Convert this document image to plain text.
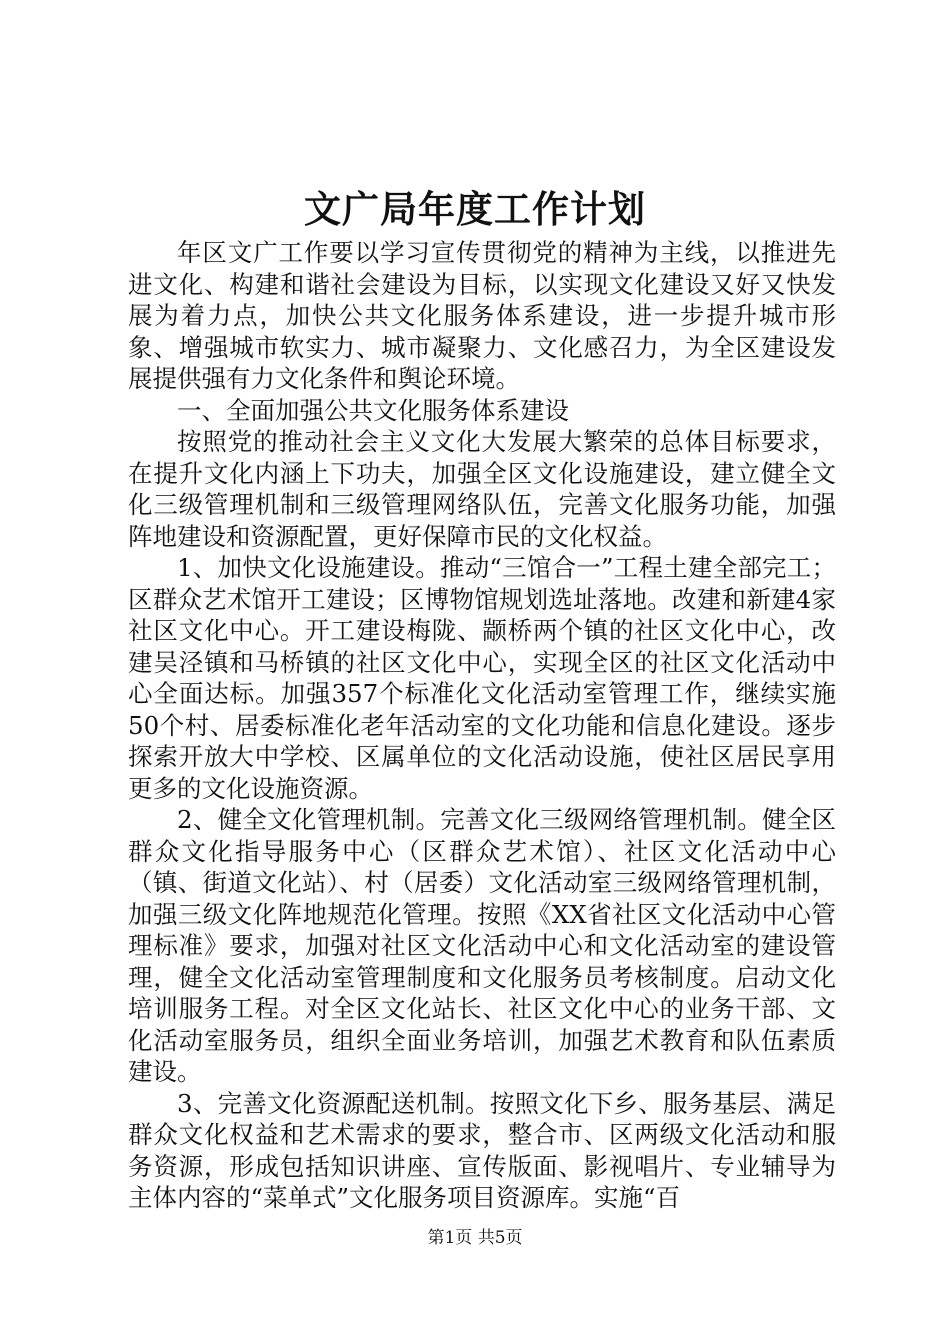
文广局年度工作计划

年区文广工作要以学习宣传贯彻党的精神为主线，以推进先进文化、构建和谐社会建设为目标，以实现文化建设又好又快发展为着力点，加快公共文化服务体系建设，进一步提升城市形象、增强城市软实力、城市凝聚力、文化感召力，为全区建设发展提供强有力文化条件和舆论环境。

一、全面加强公共文化服务体系建设

按照党的推动社会主义文化大发展大繁荣的总体目标要求，在提升文化内涵上下功夫，加强全区文化设施建设，建立健全文化三级管理机制和三级管理网络队伍，完善文化服务功能，加强阵地建设和资源配置，更好保障市民的文化权益。

1、加快文化设施建设。推动“三馆合一”工程土建全部完工；区群众艺术馆开工建设；区博物馆规划选址落地。改建和新建4家社区文化中心。开工建设梅陇、颛桥两个镇的社区文化中心，改建吴泾镇和马桥镇的社区文化中心，实现全区的社区文化活动中心全面达标。加强357个标准化文化活动室管理工作，继续实施50个村、居委标准化老年活动室的文化功能和信息化建设。逐步探索开放大中学校、区属单位的文化活动设施，使社区居民享用更多的文化设施资源。

2、健全文化管理机制。完善文化三级网络管理机制。健全区群众文化指导服务中心（区群众艺术馆）、社区文化活动中心（镇、街道文化站）、村（居委）文化活动室三级网络管理机制，加强三级文化阵地规范化管理。按照《XX省社区文化活动中心管理标准》要求，加强对社区文化活动中心和文化活动室的建设管理，健全文化活动室管理制度和文化服务员考核制度。启动文化培训服务工程。对全区文化站长、社区文化中心的业务干部、文化活动室服务员，组织全面业务培训，加强艺术教育和队伍素质建设。

3、完善文化资源配送机制。按照文化下乡、服务基层、满足群众文化权益和艺术需求的要求，整合市、区两级文化活动和服务资源，形成包括知识讲座、宣传版面、影视唱片、专业辅导为主体内容的“菜单式”文化服务项目资源库。实施“百

第1页 共5页
